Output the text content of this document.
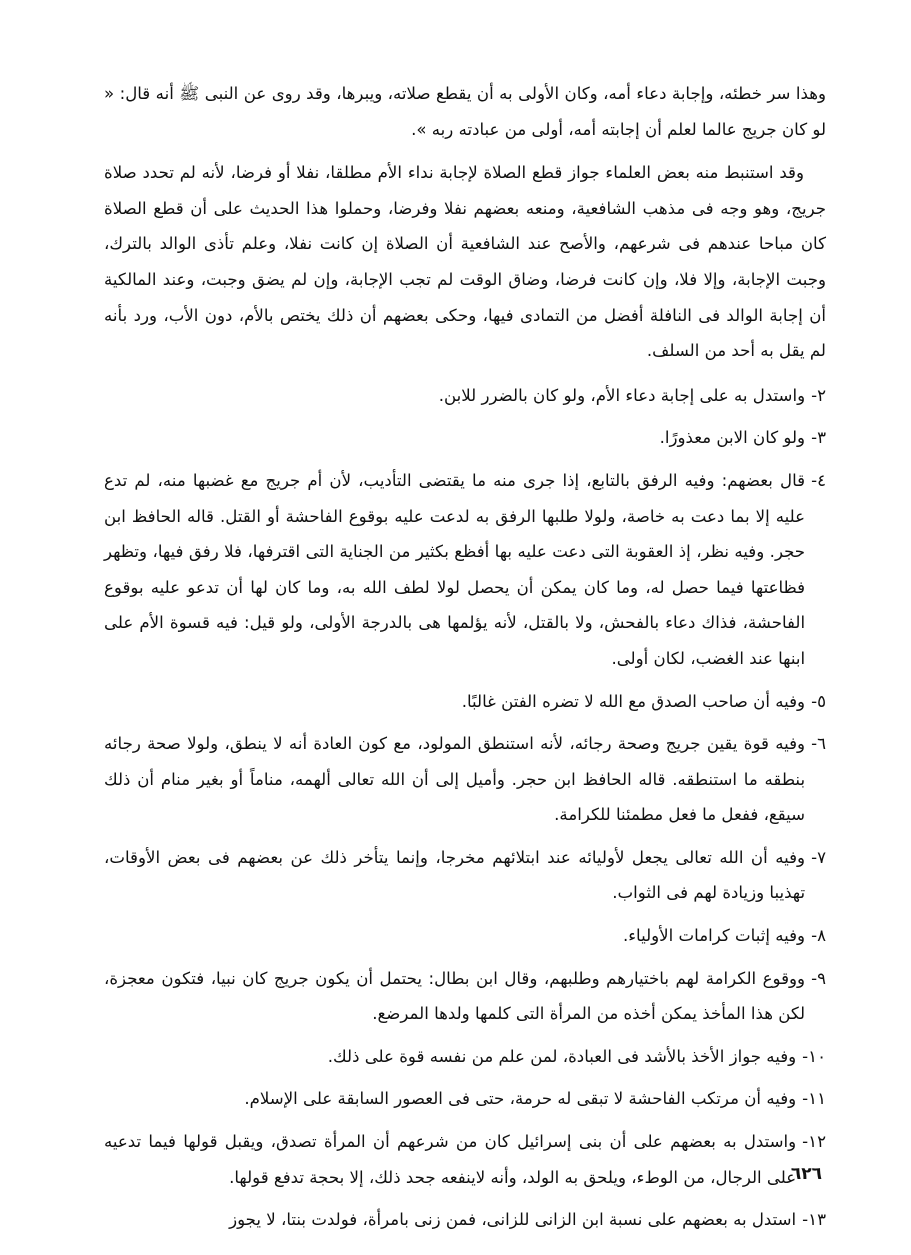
وهذا سر خطئه، وإجابة دعاء أمه، وكان الأولى به أن يقطع صلاته، ويبرها، وقد روى عن النبى ﷺ أنه قال: « لو كان جريج عالما لعلم أن إجابته أمه، أولى من عبادته ربه ».

وقد استنبط منه بعض العلماء جواز قطع الصلاة لإجابة نداء الأم مطلقا، نفلا أو فرضا، لأنه لم تحدد صلاة جريج، وهو وجه فى مذهب الشافعية، ومنعه بعضهم نفلا وفرضا، وحملوا هذا الحديث على أن قطع الصلاة كان مباحا عندهم فى شرعهم، والأصح عند الشافعية أن الصلاة إن كانت نفلا، وعلم تأذى الوالد بالترك، وجبت الإجابة، وإلا فلا، وإن كانت فرضا، وضاق الوقت لم تجب الإجابة، وإن لم يضق وجبت، وعند المالكية أن إجابة الوالد فى النافلة أفضل من التمادى فيها، وحكى بعضهم أن ذلك يختص بالأم، دون الأب، ورد بأنه لم يقل به أحد من السلف.

٢-
واستدل به على إجابة دعاء الأم، ولو كان بالضرر للابن.
٣-
ولو كان الابن معذورًا.
٤-
قال بعضهم: وفيه الرفق بالتابع، إذا جرى منه ما يقتضى التأديب، لأن أم جريج مع غضبها منه، لم تدع عليه إلا بما دعت به خاصة، ولولا طلبها الرفق به لدعت عليه بوقوع الفاحشة أو القتل. قاله الحافظ ابن حجر. وفيه نظر، إذ العقوبة التى دعت عليه بها أفظع بكثير من الجناية التى اقترفها، فلا رفق فيها، وتظهر فظاعتها فيما حصل له، وما كان يمكن أن يحصل لولا لطف الله به، وما كان لها أن تدعو عليه بوقوع الفاحشة، فذاك دعاء بالفحش، ولا بالقتل، لأنه يؤلمها هى بالدرجة الأولى، ولو قيل: فيه قسوة الأم على ابنها عند الغضب، لكان أولى.
٥-
وفيه أن صاحب الصدق مع الله لا تضره الفتن غالبًا.
٦-
وفيه قوة يقين جريج وصحة رجائه، لأنه استنطق المولود، مع كون العادة أنه لا ينطق، ولولا صحة رجائه بنطقه ما استنطقه. قاله الحافظ ابن حجر. وأميل إلى أن الله تعالى ألهمه، مناماً أو بغير منام أن ذلك سيقع، ففعل ما فعل مطمئنا للكرامة.
٧-
وفيه أن الله تعالى يجعل لأوليائه عند ابتلائهم مخرجا، وإنما يتأخر ذلك عن بعضهم فى بعض الأوقات، تهذيبا وزيادة لهم فى الثواب.
٨-
وفيه إثبات كرامات الأولياء.
٩-
ووقوع الكرامة لهم باختيارهم وطلبهم، وقال ابن بطال: يحتمل أن يكون جريج كان نبيا، فتكون معجزة، لكن هذا المأخذ يمكن أخذه من المرأة التى كلمها ولدها المرضع.
١٠-
وفيه جواز الأخذ بالأشد فى العبادة، لمن علم من نفسه قوة على ذلك.
١١-
وفيه أن مرتكب الفاحشة لا تبقى له حرمة، حتى فى العصور السابقة على الإسلام.
١٢-
واستدل به بعضهم على أن بنى إسرائيل كان من شرعهم أن المرأة تصدق، ويقبل قولها فيما تدعيه على الرجال، من الوطء، ويلحق به الولد، وأنه لاينفعه جحد ذلك، إلا بحجة تدفع قولها.
١٣-
استدل به بعضهم على نسبة ابن الزانى للزانى، فمن زنى بامرأة، فولدت بنتا، لا يجوز
٦٢٦
